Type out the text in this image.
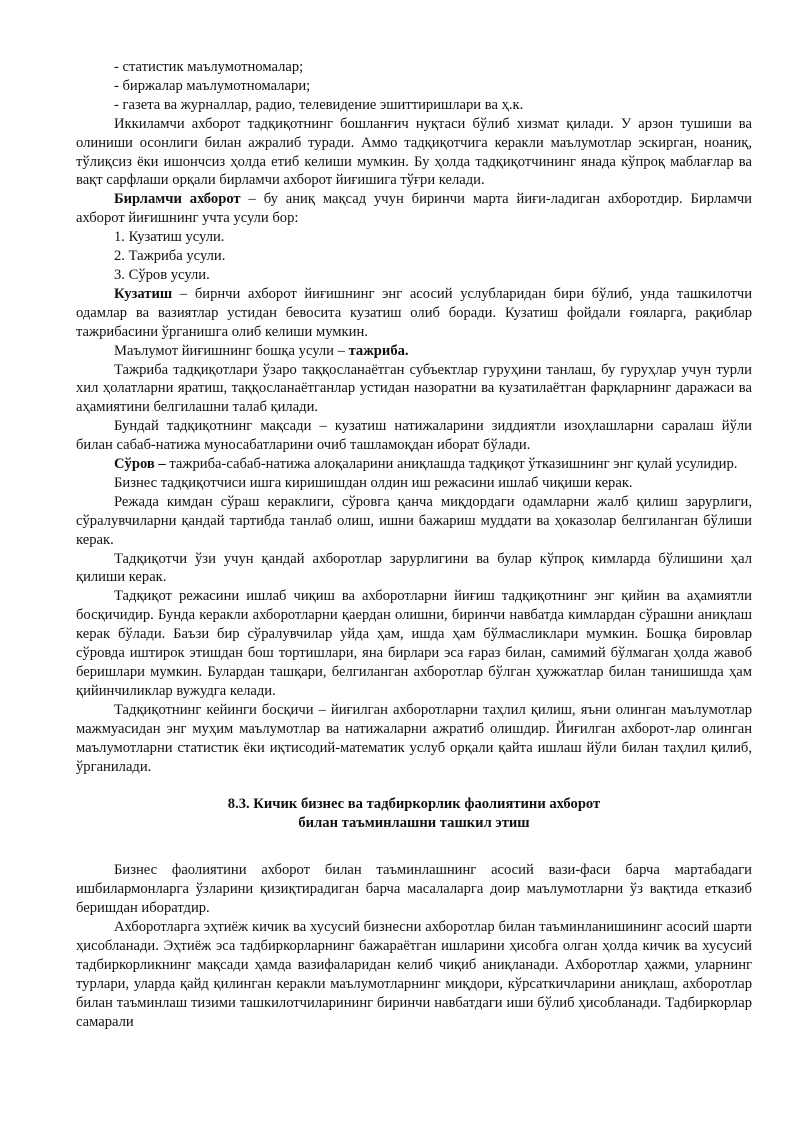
- статистик маълумотномалар;
- биржалар маълумотномалари;
- газета ва журналлар, радио, телевидение эшиттиришлари ва ҳ.к.

Иккиламчи ахборот тадқиқотнинг бошланғич нуқтаси бўлиб хизмат қилади. У арзон тушиши ва олиниши осонлиги билан ажралиб туради. Аммо тадқиқотчига керакли маълумотлар эскирган, ноаниқ, тўлиқсиз ёки ишончсиз ҳолда етиб келиши мумкин. Бу ҳолда тадқиқотчининг янада кўпроқ маблағлар ва вақт сарфлаши орқали бирламчи ахборот йиғишига тўғри келади.

Бирламчи ахборот – бу аниқ мақсад учун биринчи марта йиғи-ладиган ахборотдир. Бирламчи ахборот йиғишнинг учта усули бор:

1. Кузатиш усули.
2. Тажриба усули.
3. Сўров усули.

Кузатиш – бирнчи ахборот йиғишнинг энг асосий услубларидан бири бўлиб, унда ташкилотчи одамлар ва вазиятлар устидан бевосита кузатиш олиб боради. Кузатиш фойдали ғояларга, рақиблар тажрибасини ўрганишга олиб келиши мумкин.

Маълумот йиғишнинг бошқа усули – тажриба.

Тажриба тадқиқотлари ўзаро таққосланаётган субъектлар гуруҳини танлаш, бу гуруҳлар учун турли хил ҳолатларни яратиш, таққосланаётганлар устидан назоратни ва кузатилаётган фарқларнинг даражаси ва аҳамиятини белгилашни талаб қилади.

Бундай тадқиқотнинг мақсади – кузатиш натижаларини зиддиятли изоҳлашларни саралаш йўли билан сабаб-натижа муносабатларини очиб ташламоқдан иборат бўлади.

Сўров – тажриба-сабаб-натижа алоқаларини аниқлашда тадқиқот ўтказишнинг энг қулай усулидир.

Бизнес тадқиқотчиси ишга киришишдан олдин иш режасини ишлаб чиқиши керак.

Режада кимдан сўраш кераклиги, сўровга қанча миқдордаги одамларни жалб қилиш зарурлиги, сўралувчиларни қандай тартибда танлаб олиш, ишни бажариш муддати ва ҳоказолар белгиланган бўлиши керак.

Тадқиқотчи ўзи учун қандай ахборотлар зарурлигини ва булар кўпроқ кимларда бўлишини ҳал қилиши керак.

Тадқиқот режасини ишлаб чиқиш ва ахборотларни йиғиш тадқиқотнинг энг қийин ва аҳамиятли босқичидир. Бунда керакли ахборотларни қаердан олишни, биринчи навбатда кимлардан сўрашни аниқлаш керак бўлади. Баъзи бир сўралувчилар уйда ҳам, ишда ҳам бўлмасликлари мумкин. Бошқа бировлар сўровда иштирок этишдан бош тортишлари, яна бирлари эса ғараз билан, самимий бўлмаган ҳолда жавоб беришлари мумкин. Булардан ташқари, белгиланган ахборотлар бўлган ҳужжатлар билан танишишда ҳам қийинчиликлар вужудга келади.

Тадқиқотнинг кейинги босқичи – йиғилган ахборотларни таҳлил қилиш, яъни олинган маълумотлар мажмуасидан энг муҳим маълумотлар ва натижаларни ажратиб олишдир. Йиғилган ахборот-лар олинган маълумотларни статистик ёки иқтисодий-математик услуб орқали қайта ишлаш йўли билан таҳлил қилиб, ўрганилади.

8.3. Кичик бизнес ва тадбиркорлик фаолиятини ахборот
билан таъминлашни ташкил этиш

Бизнес фаолиятини ахборот билан таъминлашнинг асосий вази-фаси барча мартабадаги ишбилармонларга ўзларини қизиқтирадиган барча масалаларга доир маълумотларни ўз вақтида етказиб беришдан иборатдир.

Ахборотларга эҳтиёж кичик ва хусусий бизнесни ахборотлар билан таъминланишининг асосий шарти ҳисобланади. Эҳтиёж эса тадбиркорларнинг бажараётган ишларини ҳисобга олган ҳолда кичик ва хусусий тадбиркорликнинг мақсади ҳамда вазифаларидан келиб чиқиб аниқланади. Ахборотлар ҳажми, уларнинг турлари, уларда қайд қилинган керакли маълумотларнинг миқдори, кўрсаткичларини аниқлаш, ахборотлар билан таъминлаш тизими ташкилотчиларининг биринчи навбатдаги иши бўлиб ҳисобланади. Тадбиркорлар самарали
